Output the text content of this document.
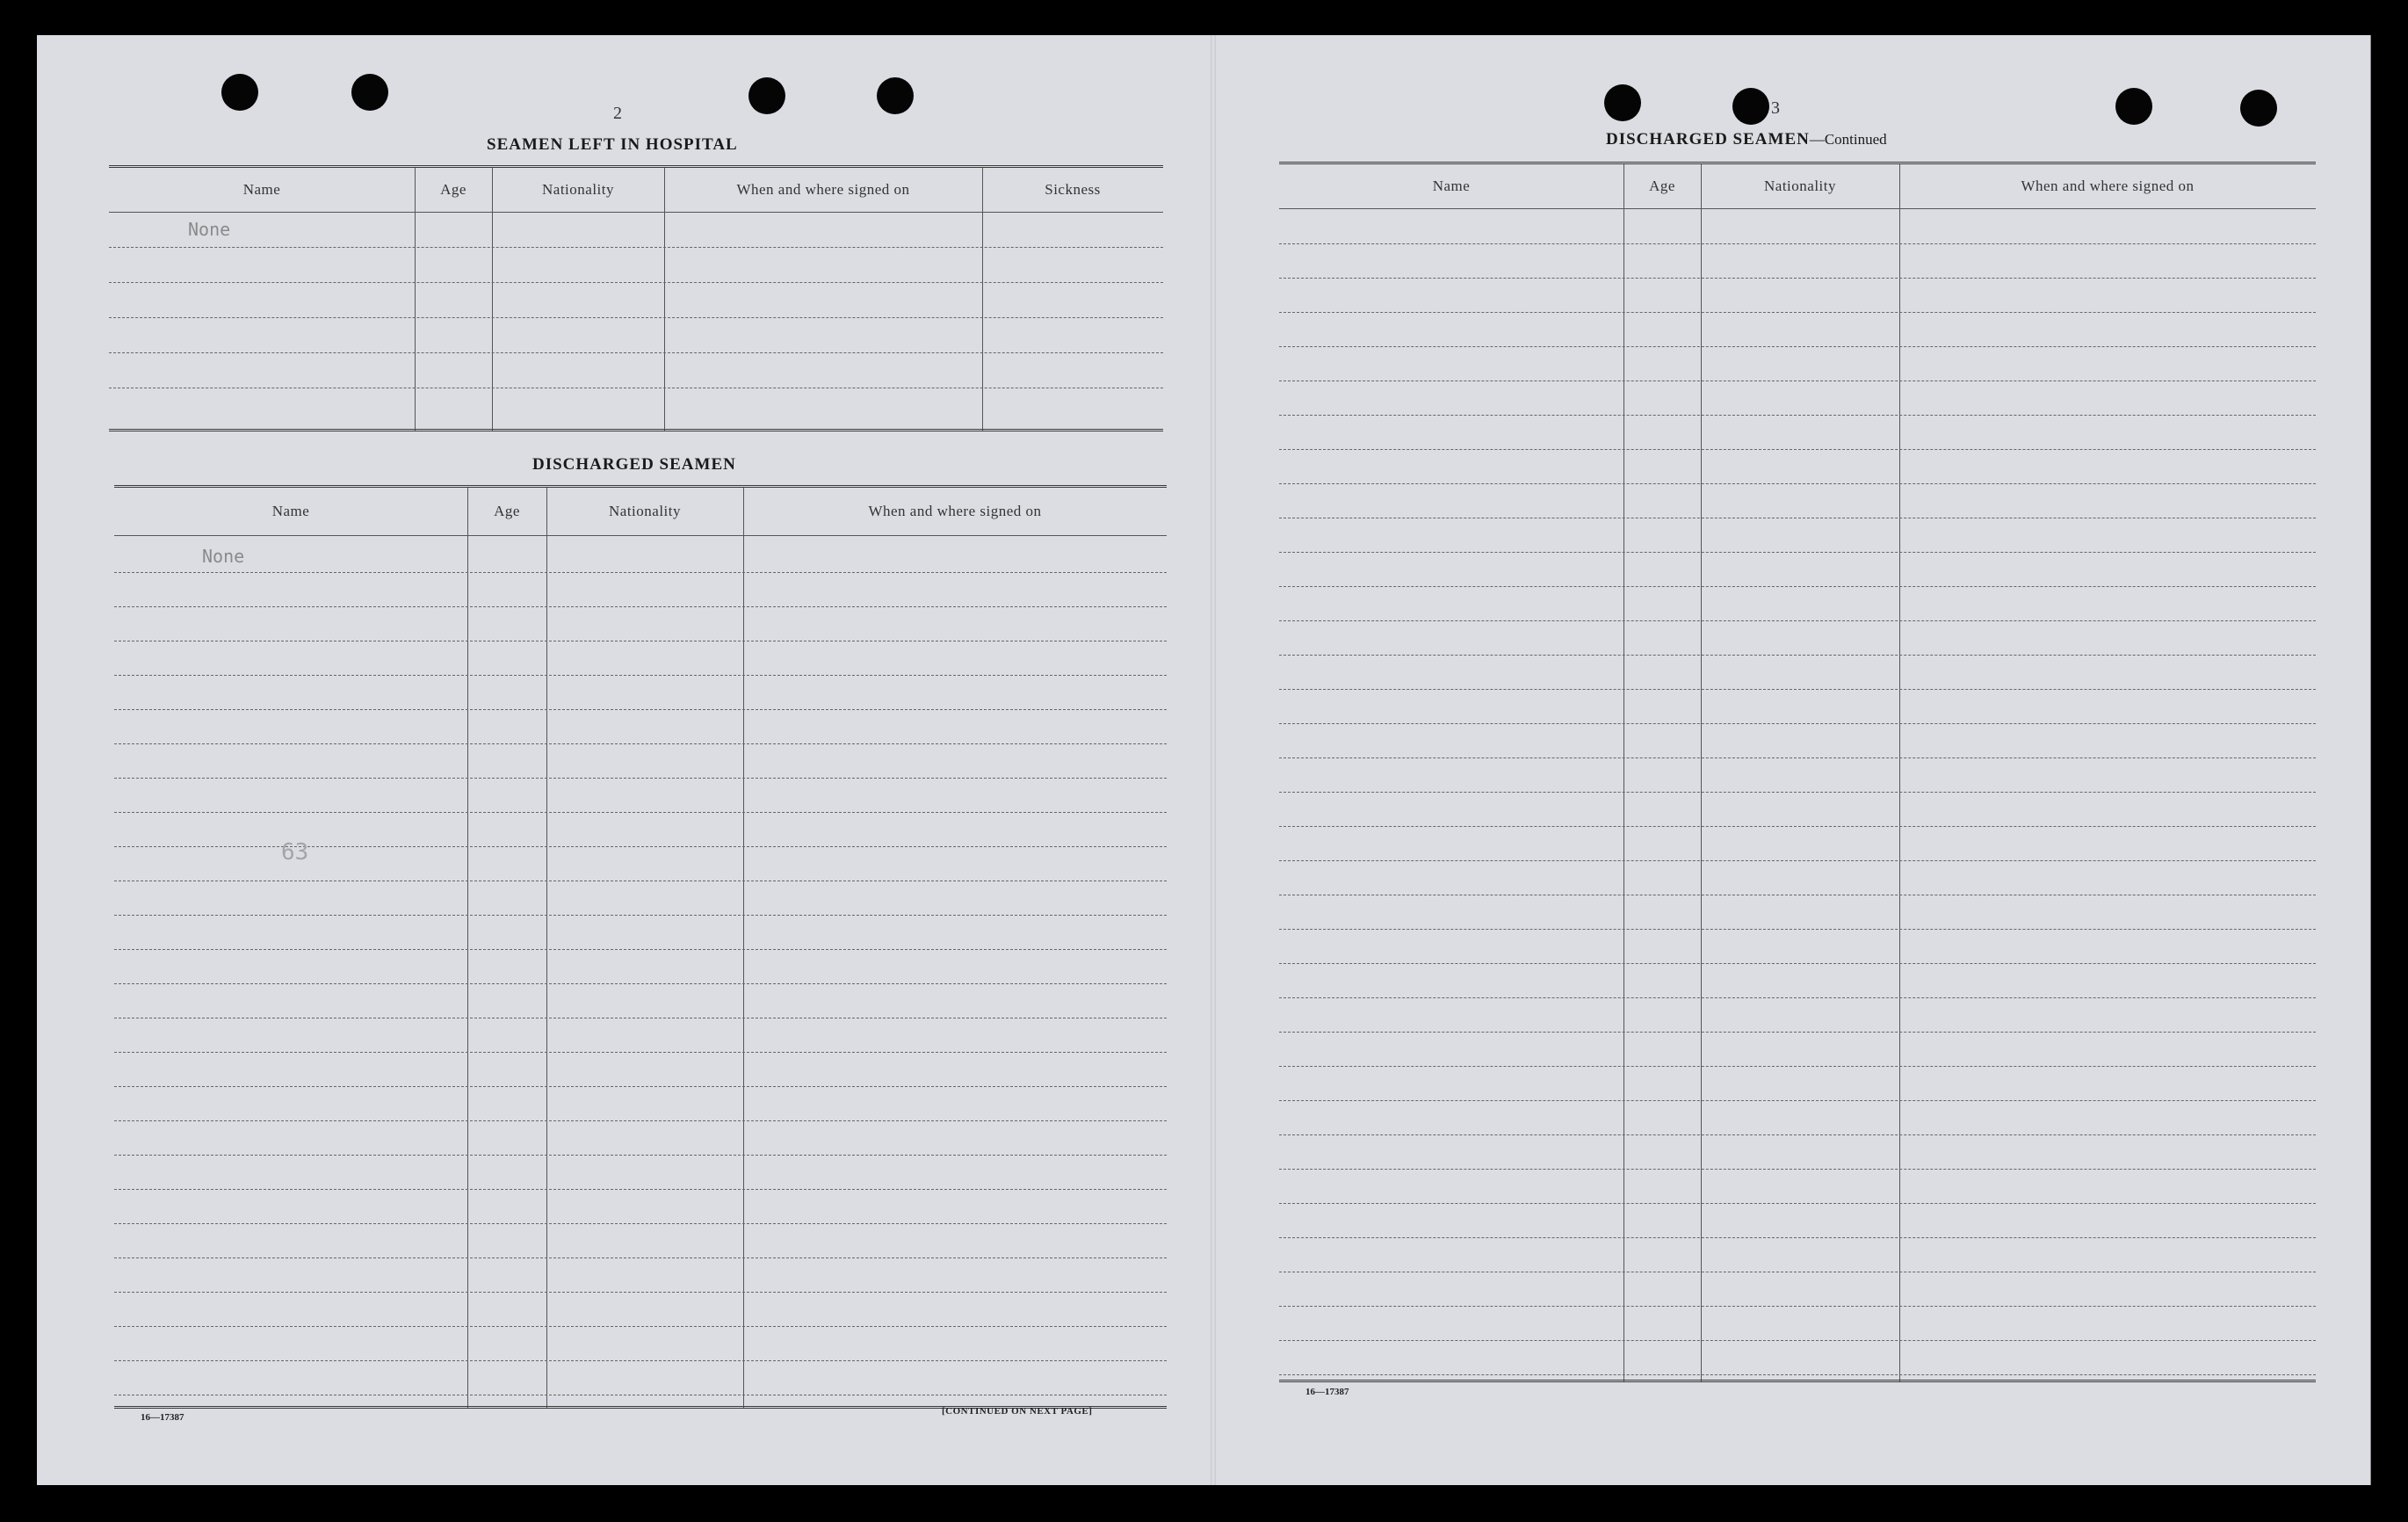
2
SEAMEN LEFT IN HOSPITAL
Name	Age	Nationality	When and where signed on	Sickness
None
DISCHARGED SEAMEN
Name	Age	Nationality	When and where signed on
None
63
16—17387
[CONTINUED ON NEXT PAGE]
3
DISCHARGED SEAMEN—Continued
Name	Age	Nationality	When and where signed on
16—17387
